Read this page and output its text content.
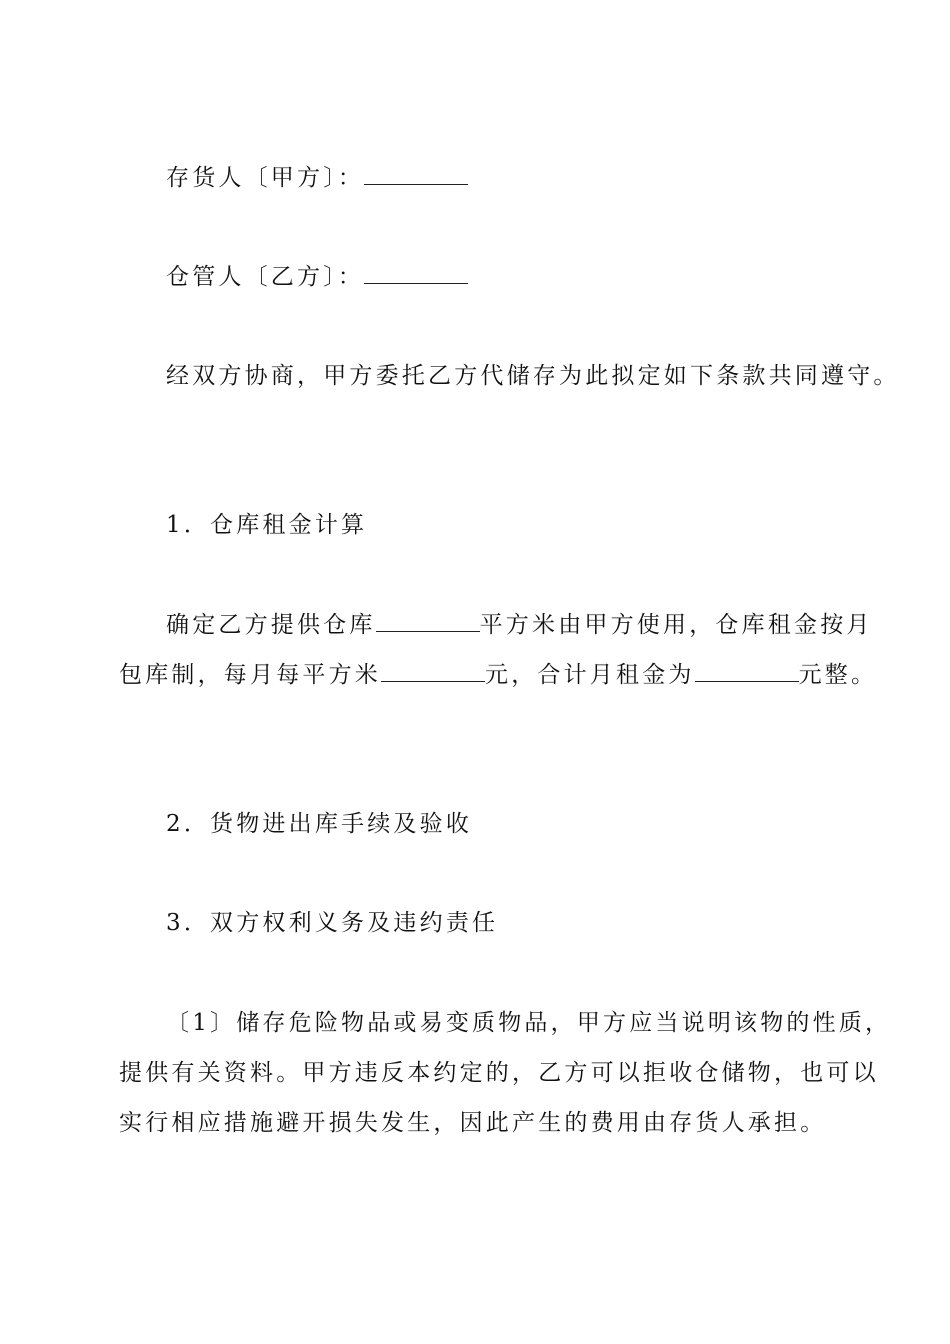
存货人〔甲方〕：
仓管人〔乙方〕：
经双方协商，甲方委托乙方代储存为此拟定如下条款共同遵守。
1．仓库租金计算
确定乙方提供仓库	平方米由甲方使用，仓库租金按月
包库制，每月每平方米	元，合计月租金为	元整。
2．货物进出库手续及验收
3．双方权利义务及违约责任
〔1〕储存危险物品或易变质物品，甲方应当说明该物的性质，
提供有关资料。甲方违反本约定的，乙方可以拒收仓储物，也可以
实行相应措施避开损失发生，因此产生的费用由存货人承担。
